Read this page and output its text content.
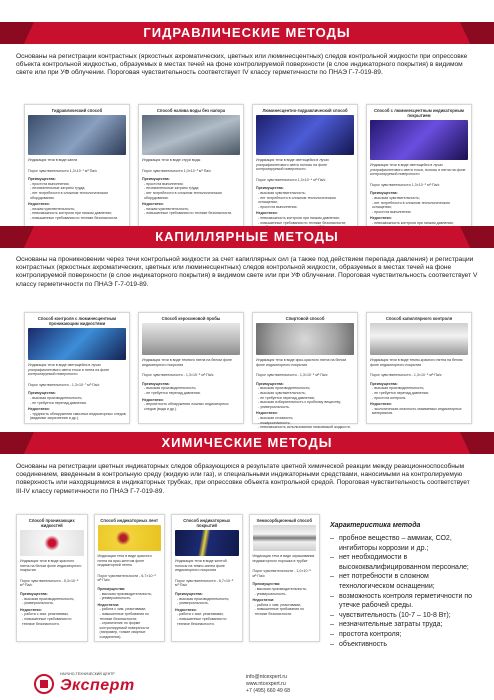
ГИДРАВЛИЧЕСКИЕ МЕТОДЫ
Основаны на регистрации контрастных (яркостных ахроматических, цветных или люминесцентных) следов контрольной жидкости при опрессовке объекта контрольной жидкостью, образуемых в местах течей на фоне контролируемой поверхности (в слое индикаторного покрытия) в видимом свете или при УФ облучении. Пороговая чувствительность соответствует IV классу герметичности по ПНАЭ Г-7-019-89.
Гидравлический способ
Индикация течи в виде капли
Порог чувствительности 1,3×10⁻¹ м³·Па/с
Преимущества:
- простота выполнения;
- незначительные затраты труда;
- нет потребности в сложном технологическом оборудовании.
Недостатки:
- низкая чувствительность;
- невозможность контроля при низком давлении;
- повышенные требования по технике безопасности.
Способ налива воды без напора
Индикация течи в виде струи воды
Порог чувствительности 1,0×10⁻³ м³·Па/с
Преимущества:
- простота выполнения;
- незначительные затраты труда;
- нет потребности в сложном технологическом оборудовании.
Недостатки:
- низкая чувствительность;
- повышенные требования по технике безопасности.
Люминесцентно-гидравлический способ
Индикация течи в виде светящейся в лучах ультрафиолетового света полосы на фоне контролируемой поверхности
Порог чувствительности 1,3×10⁻⁴ м³·Па/с
Преимущества:
- высокая чувствительность;
- нет потребности в сложном технологическом оснащении;
- простота выполнения.
Недостатки:
- невозможность контроля при низком давлении;
- повышенные требования по технике безопасности;
Способ с люминесцентным индикаторным покрытием
Индикация течи в виде светящейся в лучах ультрафиолетового света точки, полосы и пятна на фоне контролируемой поверхности
Порог чувствительности 1,3×10⁻⁶ м³·Па/с
Преимущества:
- высокая чувствительность;
- нет потребности в сложном технологическом оснащении;
- простота выполнения.
Недостатки:
- невозможность контроля при низком давлении;
КАПИЛЛЯРНЫЕ МЕТОДЫ
Основаны на проникновении через течи контрольной жидкости за счет капиллярных сил (а также под действием перепада давления) и регистрации контрастных (яркостных ахроматических, цветных или люминесцентных) следов контрольной жидкости, образуемых в местах течей на фоне контролируемой поверхности (в слое индикаторного покрытия) в видимом свете или при УФ облучении. Пороговая чувствительность соответствует V классу герметичности по ПНАЭ Г-7-019-89.
Способ контроля с люминесцентным проникающим жидкостями
Индикация течи в виде светящейся в лучах ультрафиолетового света точки и пятна на фоне контролируемой поверхности
Порог чувствительности - 1,3×10⁻⁷ м³·Па/с
Преимущества:
- высокая производительность;
- не требуется перепад давления.
Недостатки:
- трудность обнаружения сквозных индикаторных следов (видимые загрязнения и др.).
Способ керосиновой пробы
Индикация течи в виде темного пятна на белом фоне индикаторного покрытия
Порог чувствительности - 1,3×10⁻⁵ м³·Па/с
Преимущества:
- высокая производительность;
- не требуется перепад давления.
Недостатки:
- вероятность обнаружения ложных индикаторных следов (вода и др.).
Спиртовой способ
Индикация течи в виде ярко-красного пятна на белом фоне индикаторного покрытия
Порог чувствительности - 1,3×10⁻⁶ м³·Па/с
Преимущества:
- высокая производительность;
- высокая чувствительность;
- не требуется перепад давления;
- высокая избирательность к пробному веществу;
- универсальность.
Недостатки:
- высокая стоимость;
- пожароопасность;
- невозможность использования низковязкой жидкости.
Способ капиллярного контроля
Индикация течи в виде темно-красного пятна на белом фоне индикаторного покрытия
Порог чувствительности - 1,3×10⁻⁶ м³·Па/с
Преимущества:
- высокая производительность;
- не требуется перепад давления;
- простота контроля.
Недостатки:
- экологическая опасность смываемых индикаторных материалов.
ХИМИЧЕСКИЕ МЕТОДЫ
Основаны на регистрации цветных индикаторных следов образующихся в результате цветной химической реакции между реакционноспособным соединением, введенным в контрольную среду (жидкую или газ), и специальными индикаторными средствами, наносимыми на контролируемую поверхность или находящимися в индикаторных трубках, при опрессовке объекта контрольной средой. Пороговая чувствительность соответствует III-IV классу герметичности по ПНАЭ Г-7-019-89.
Способ проникающих жидкостей
Индикация течи в виде красного пятна на белом фоне индикаторного покрытия
Порог чувствительности - 5,3×10⁻⁸ м³·Па/с
Преимущества:
- высокая производительность;
- универсальность.
Недостатки:
- работа с хим. реактивами;
- повышенные требования по технике безопасности.
Способ индикаторных лент
Индикация течи в виде красного пятна на ярко-желтом фоне индикаторной ленты
Порог чувствительности - 6,7×10⁻⁸ м³·Па/с
Преимущества:
- высокая производительность;
- универсальность.
Недостатки:
- работа с хим. реактивами;
- повышенные требования по технике безопасности;
- ограничение по форме контролируемой поверхности (например, тонкие сварные соединения).
Способ индикаторных покрытий
Индикация течи в виде желтой полосы на темно-синем фоне индикаторного покрытия
Порог чувствительности - 6,7×10⁻⁸ м³·Па/с
Преимущества:
- высокая производительность;
- универсальность.
Недостатки:
- работа с хим. реактивами;
- повышенные требования по технике безопасности.
Хемосорбционный способ
Индикация течи в виде окрашивания индикаторного порошка в трубке
Порог чувствительности - 1,0×10⁻⁸ м³·Па/с
Преимущества:
- высокая производительность;
- универсальность.
Недостатки:
- работа с хим. реактивами;
- повышенные требования по технике безопасности.
Характеристика метода
– пробное вещество – аммиак, СО2, ингибиторы коррозии и др.;
– нет необходимости в высококвалифицированном персонале;
– нет потребности в сложном технологическом оснащении;
– возможность контроля герметичности по утечке рабочей среды.
– чувствительность (10-7 – 10-8 Вт);
– незначительные затраты труда;
– простота контроля;
– объективность
НАУЧНО-ТЕХНИЧЕСКИЙ ЦЕНТР
Эксперт	info@ntcexpert.ru
www.ntcexpert.ru
+7 (495) 660 49 68
